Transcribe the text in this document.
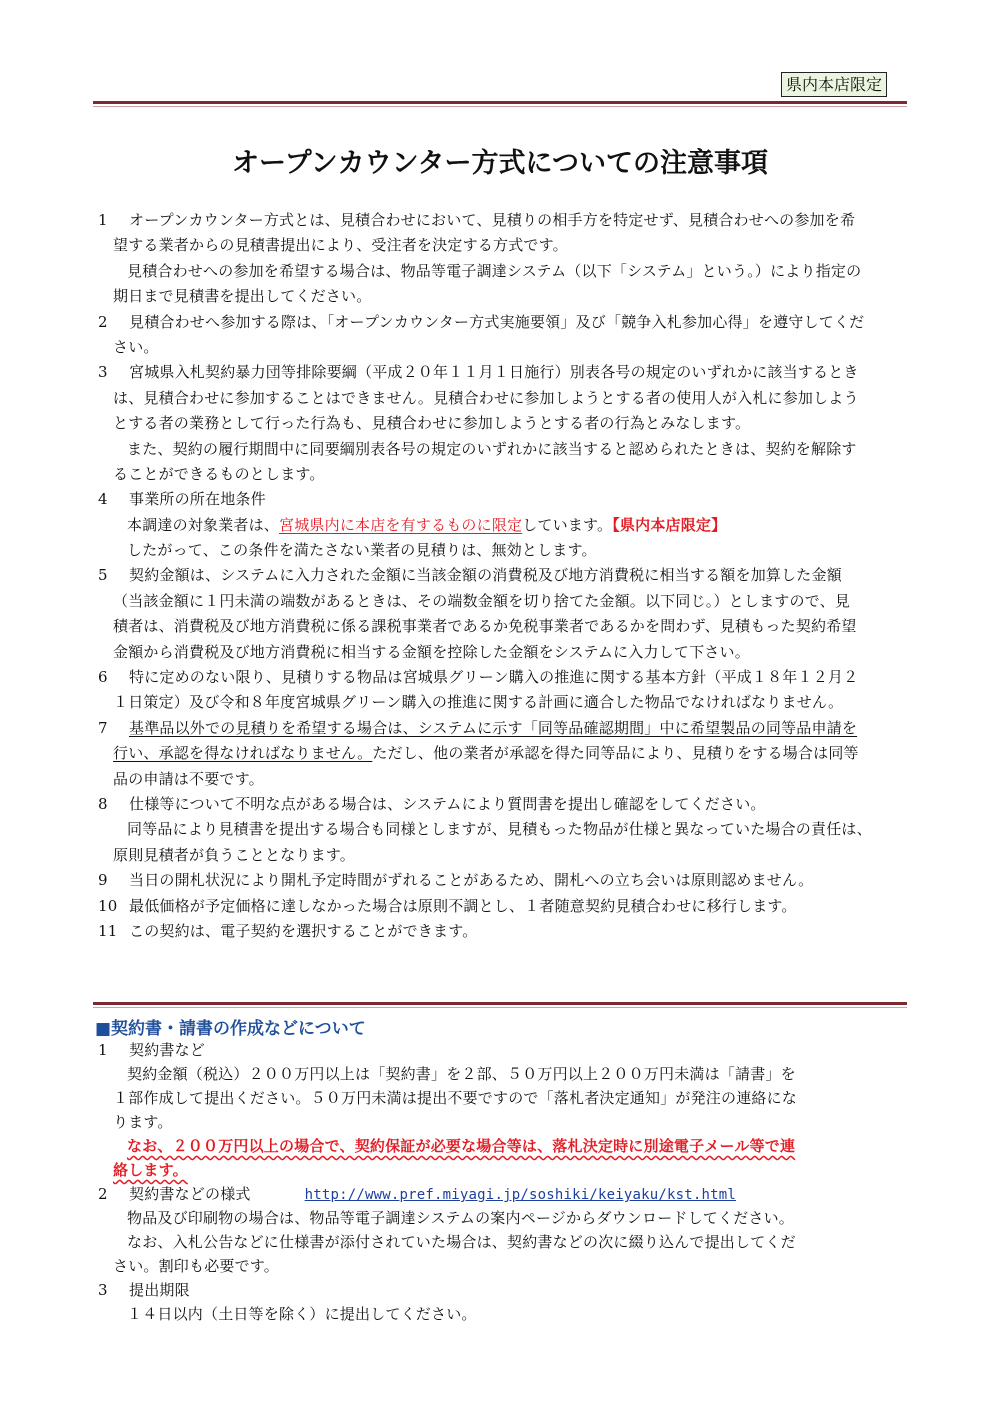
県内本店限定
オープンカウンター方式についての注意事項
1 オープンカウンター方式とは、見積合わせにおいて、見積りの相手方を特定せず、見積合わせへの参加を希
望する業者からの見積書提出により、受注者を決定する方式です。
見積合わせへの参加を希望する場合は、物品等電子調達システム（以下「システム」という。）により指定の
期日まで見積書を提出してください。
2 見積合わせへ参加する際は、「オープンカウンター方式実施要領」及び「競争入札参加心得」を遵守してくだ
さい。
3 宮城県入札契約暴力団等排除要綱（平成２０年１１月１日施行）別表各号の規定のいずれかに該当するとき
は、見積合わせに参加することはできません。見積合わせに参加しようとする者の使用人が入札に参加しよう
とする者の業務として行った行為も、見積合わせに参加しようとする者の行為とみなします。
また、契約の履行期間中に同要綱別表各号の規定のいずれかに該当すると認められたときは、契約を解除す
ることができるものとします。
4 事業所の所在地条件
本調達の対象業者は、宮城県内に本店を有するものに限定しています。【県内本店限定】
したがって、この条件を満たさない業者の見積りは、無効とします。
5 契約金額は、システムに入力された金額に当該金額の消費税及び地方消費税に相当する額を加算した金額
（当該金額に１円未満の端数があるときは、その端数金額を切り捨てた金額。以下同じ。）としますので、見
積者は、消費税及び地方消費税に係る課税事業者であるか免税事業者であるかを問わず、見積もった契約希望
金額から消費税及び地方消費税に相当する金額を控除した金額をシステムに入力して下さい。
6 特に定めのない限り、見積りする物品は宮城県グリーン購入の推進に関する基本方針（平成１８年１２月２
１日策定）及び令和８年度宮城県グリーン購入の推進に関する計画に適合した物品でなければなりません。
7 基準品以外での見積りを希望する場合は、システムに示す「同等品確認期間」中に希望製品の同等品申請を
行い、承認を得なければなりません。ただし、他の業者が承認を得た同等品により、見積りをする場合は同等
品の申請は不要です。
8 仕様等について不明な点がある場合は、システムにより質問書を提出し確認をしてください。
同等品により見積書を提出する場合も同様としますが、見積もった物品が仕様と異なっていた場合の責任は、
原則見積者が負うこととなります。
9 当日の開札状況により開札予定時間がずれることがあるため、開札への立ち会いは原則認めません。
10 最低価格が予定価格に達しなかった場合は原則不調とし、１者随意契約見積合わせに移行します。
11 この契約は、電子契約を選択することができます。
■契約書・請書の作成などについて
1 契約書など
契約金額（税込）２００万円以上は「契約書」を２部、５０万円以上２００万円未満は「請書」を
１部作成して提出ください。５０万円未満は提出不要ですので「落札者決定通知」が発注の連絡にな
ります。
なお、２００万円以上の場合で、契約保証が必要な場合等は、落札決定時に別途電子メール等で連
絡します。
2 契約書などの様式	http://www.pref.miyagi.jp/soshiki/keiyaku/kst.html
物品及び印刷物の場合は、物品等電子調達システムの案内ページからダウンロードしてください。
なお、入札公告などに仕様書が添付されていた場合は、契約書などの次に綴り込んで提出してくだ
さい。割印も必要です。
3 提出期限
１４日以内（土日等を除く）に提出してください。
